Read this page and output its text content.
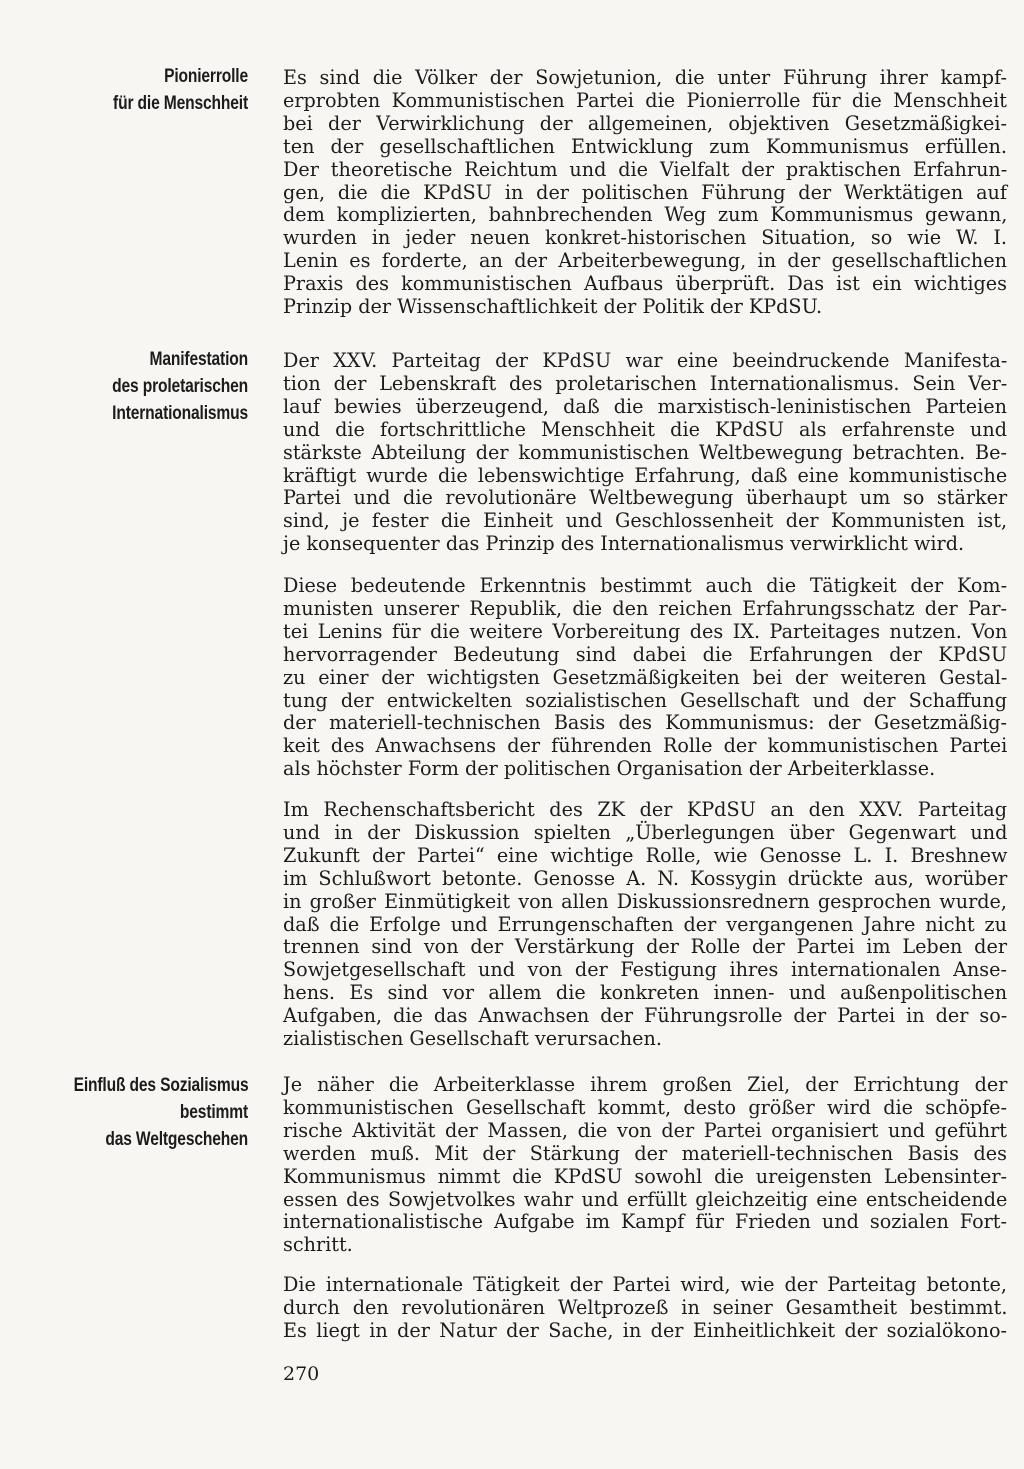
Pionierrolle
für die Menschheit
Manifestation
des proletarischen
Internationalismus
Einfluß des Sozialismus
bestimmt
das Weltgeschehen

Es sind die Völker der Sowjetunion, die unter Führung ihrer kampf-
erprobten Kommunistischen Partei die Pionierrolle für die Menschheit
bei der Verwirklichung der allgemeinen, objektiven Gesetzmäßigkei-
ten der gesellschaftlichen Entwicklung zum Kommunismus erfüllen.
Der theoretische Reichtum und die Vielfalt der praktischen Erfahrun-
gen, die die KPdSU in der politischen Führung der Werktätigen auf
dem komplizierten, bahnbrechenden Weg zum Kommunismus gewann,
wurden in jeder neuen konkret-historischen Situation, so wie W. I.
Lenin es forderte, an der Arbeiterbewegung, in der gesellschaftlichen
Praxis des kommunistischen Aufbaus überprüft. Das ist ein wichtiges
Prinzip der Wissenschaftlichkeit der Politik der KPdSU.

Der XXV. Parteitag der KPdSU war eine beeindruckende Manifesta-
tion der Lebenskraft des proletarischen Internationalismus. Sein Ver-
lauf bewies überzeugend, daß die marxistisch-leninistischen Parteien
und die fortschrittliche Menschheit die KPdSU als erfahrenste und
stärkste Abteilung der kommunistischen Weltbewegung betrachten. Be-
kräftigt wurde die lebenswichtige Erfahrung, daß eine kommunistische
Partei und die revolutionäre Weltbewegung überhaupt um so stärker
sind, je fester die Einheit und Geschlossenheit der Kommunisten ist,
je konsequenter das Prinzip des Internationalismus verwirklicht wird.

Diese bedeutende Erkenntnis bestimmt auch die Tätigkeit der Kom-
munisten unserer Republik, die den reichen Erfahrungsschatz der Par-
tei Lenins für die weitere Vorbereitung des IX. Parteitages nutzen. Von
hervorragender Bedeutung sind dabei die Erfahrungen der KPdSU
zu einer der wichtigsten Gesetzmäßigkeiten bei der weiteren Gestal-
tung der entwickelten sozialistischen Gesellschaft und der Schaffung
der materiell-technischen Basis des Kommunismus: der Gesetzmäßig-
keit des Anwachsens der führenden Rolle der kommunistischen Partei
als höchster Form der politischen Organisation der Arbeiterklasse.

Im Rechenschaftsbericht des ZK der KPdSU an den XXV. Parteitag
und in der Diskussion spielten „Überlegungen über Gegenwart und
Zukunft der Partei“ eine wichtige Rolle, wie Genosse L. I. Breshnew
im Schlußwort betonte. Genosse A. N. Kossygin drückte aus, worüber
in großer Einmütigkeit von allen Diskussionsrednern gesprochen wurde,
daß die Erfolge und Errungenschaften der vergangenen Jahre nicht zu
trennen sind von der Verstärkung der Rolle der Partei im Leben der
Sowjetgesellschaft und von der Festigung ihres internationalen Anse-
hens. Es sind vor allem die konkreten innen- und außenpolitischen
Aufgaben, die das Anwachsen der Führungsrolle der Partei in der so-
zialistischen Gesellschaft verursachen.

Je näher die Arbeiterklasse ihrem großen Ziel, der Errichtung der
kommunistischen Gesellschaft kommt, desto größer wird die schöpfe-
rische Aktivität der Massen, die von der Partei organisiert und geführt
werden muß. Mit der Stärkung der materiell-technischen Basis des
Kommunismus nimmt die KPdSU sowohl die ureigensten Lebensinter-
essen des Sowjetvolkes wahr und erfüllt gleichzeitig eine entscheidende
internationalistische Aufgabe im Kampf für Frieden und sozialen Fort-
schritt.

Die internationale Tätigkeit der Partei wird, wie der Parteitag betonte,
durch den revolutionären Weltprozeß in seiner Gesamtheit bestimmt.
Es liegt in der Natur der Sache, in der Einheitlichkeit der sozialökono-

270
